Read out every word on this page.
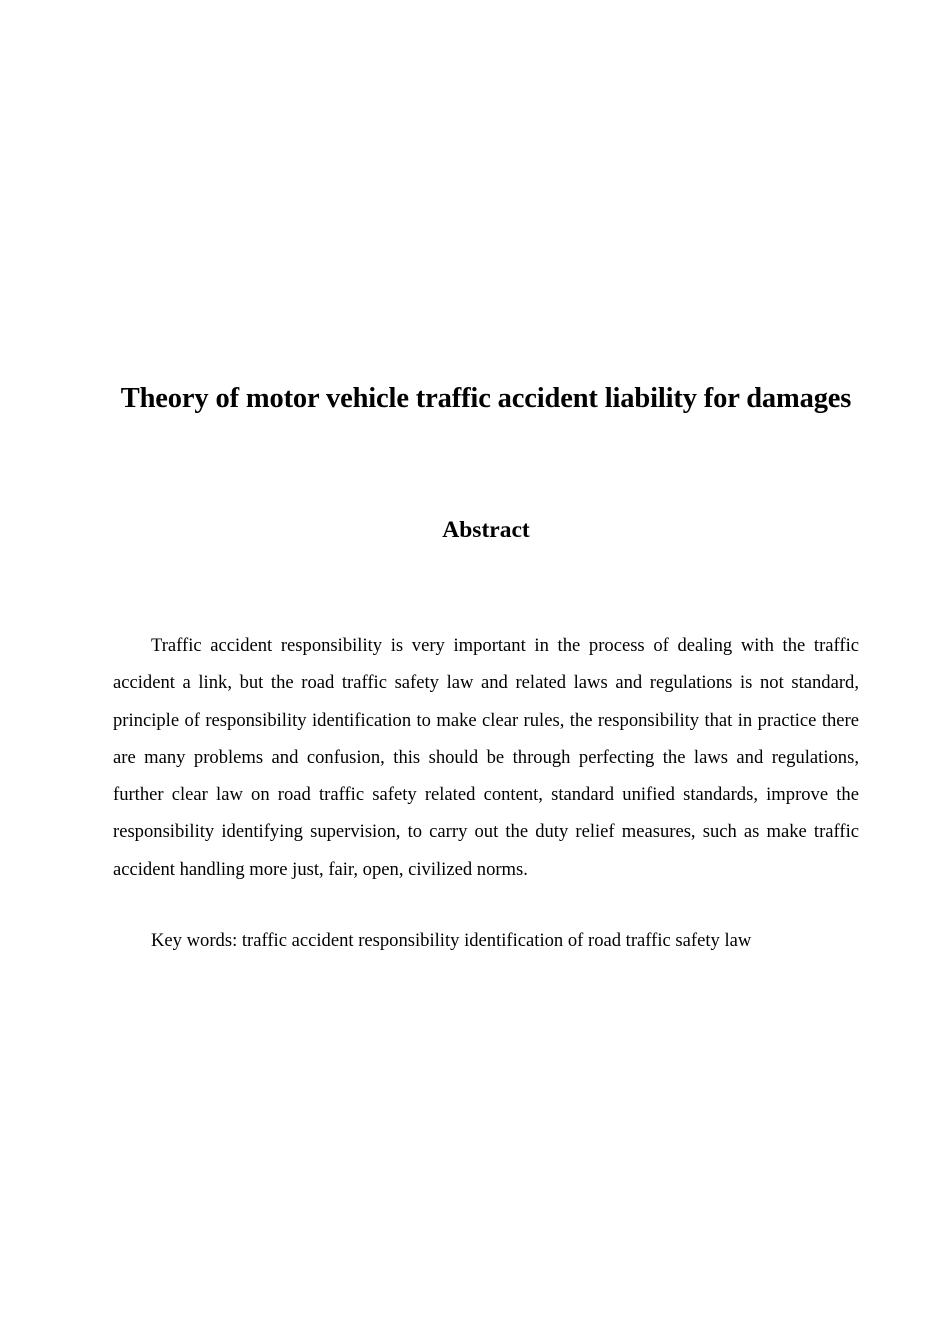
Theory of motor vehicle traffic accident liability for damages
Abstract

Traffic accident responsibility is very important in the process of dealing with the traffic accident a link, but the road traffic safety law and related laws and regulations is not standard, principle of responsibility identification to make clear rules, the responsibility that in practice there are many problems and confusion, this should be through perfecting the laws and regulations, further clear law on road traffic safety related content, standard unified standards, improve the responsibility identifying supervision, to carry out the duty relief measures, such as make traffic accident handling more just, fair, open, civilized norms.

Key words: traffic accident responsibility identification of road traffic safety law
